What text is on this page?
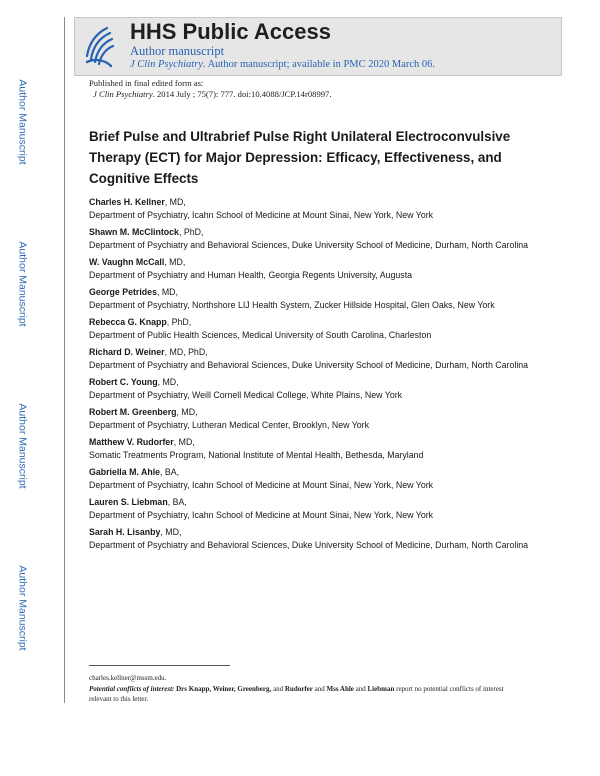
HHS Public Access
Author manuscript
J Clin Psychiatry. Author manuscript; available in PMC 2020 March 06.
Author Manuscript
Author Manuscript
Author Manuscript
Author Manuscript
Published in final edited form as:
J Clin Psychiatry. 2014 July ; 75(7): 777. doi:10.4088/JCP.14r08997.
Brief Pulse and Ultrabrief Pulse Right Unilateral Electroconvulsive Therapy (ECT) for Major Depression: Efficacy, Effectiveness, and Cognitive Effects
Charles H. Kellner, MD,
Department of Psychiatry, Icahn School of Medicine at Mount Sinai, New York, New York
Shawn M. McClintock, PhD,
Department of Psychiatry and Behavioral Sciences, Duke University School of Medicine, Durham, North Carolina
W. Vaughn McCall, MD,
Department of Psychiatry and Human Health, Georgia Regents University, Augusta
George Petrides, MD,
Department of Psychiatry, Northshore LIJ Health System, Zucker Hillside Hospital, Glen Oaks, New York
Rebecca G. Knapp, PhD,
Department of Public Health Sciences, Medical University of South Carolina, Charleston
Richard D. Weiner, MD, PhD,
Department of Psychiatry and Behavioral Sciences, Duke University School of Medicine, Durham, North Carolina
Robert C. Young, MD,
Department of Psychiatry, Weill Cornell Medical College, White Plains, New York
Robert M. Greenberg, MD,
Department of Psychiatry, Lutheran Medical Center, Brooklyn, New York
Matthew V. Rudorfer, MD,
Somatic Treatments Program, National Institute of Mental Health, Bethesda, Maryland
Gabriella M. Ahle, BA,
Department of Psychiatry, Icahn School of Medicine at Mount Sinai, New York, New York
Lauren S. Liebman, BA,
Department of Psychiatry, Icahn School of Medicine at Mount Sinai, New York, New York
Sarah H. Lisanby, MD,
Department of Psychiatry and Behavioral Sciences, Duke University School of Medicine, Durham, North Carolina
charles.kellner@mssm.edu.
Potential conflicts of interest: Drs Knapp, Weiner, Greenberg, and Rudorfer and Mss Ahle and Liebman report no potential conflicts of interest relevant to this letter.
